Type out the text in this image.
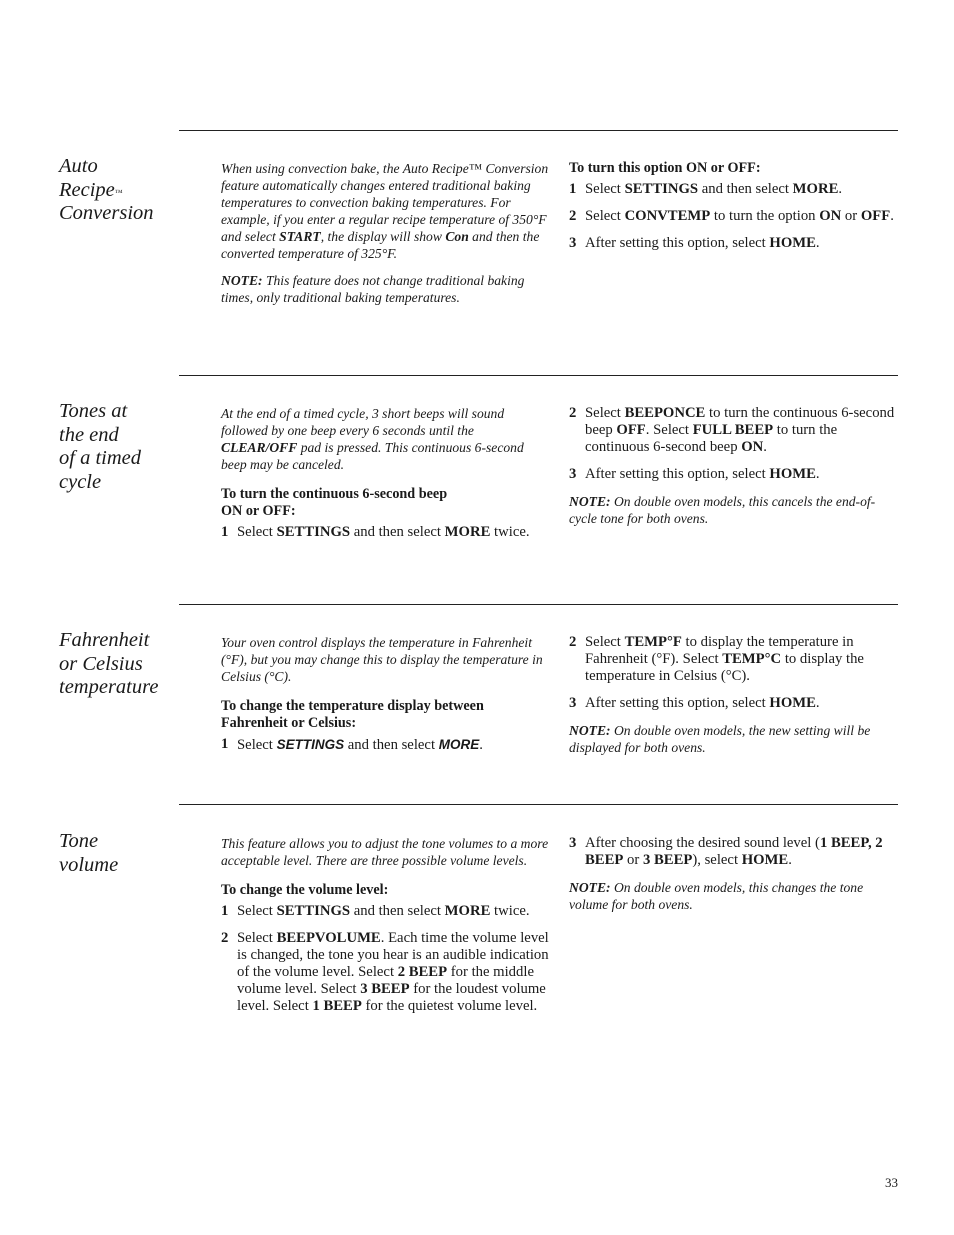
Auto
Recipe™
Conversion

When using convection bake, the Auto Recipe™ Conversion feature automatically changes entered traditional baking temperatures to convection baking temperatures. For example, if you enter a regular recipe temperature of 350°F and select START, the display will show Con and then the converted temperature of 325°F.

NOTE: This feature does not change traditional baking times, only traditional baking temperatures.

To turn this option ON or OFF:

1 Select SETTINGS and then select MORE.

2 Select CONVTEMP to turn the option ON or OFF.

3 After setting this option, select HOME.

Tones at
the end
of a timed
cycle

At the end of a timed cycle, 3 short beeps will sound followed by one beep every 6 seconds until the CLEAR/OFF pad is pressed. This continuous 6-second beep may be canceled.

To turn the continuous 6-second beep
ON or OFF:

1 Select SETTINGS and then select MORE twice.

2 Select BEEPONCE to turn the continuous 6-second beep OFF. Select FULL BEEP to turn the continuous 6-second beep ON.

3 After setting this option, select HOME.

NOTE: On double oven models, this cancels the end-of-cycle tone for both ovens.

Fahrenheit
or Celsius
temperature

Your oven control displays the temperature in Fahrenheit (°F), but you may change this to display the temperature in Celsius (°C).

To change the temperature display between
Fahrenheit or Celsius:

1 Select SETTINGS and then select MORE.

2 Select TEMP°F to display the temperature in Fahrenheit (°F). Select TEMP°C to display the temperature in Celsius (°C).

3 After setting this option, select HOME.

NOTE: On double oven models, the new setting will be displayed for both ovens.

Tone
volume

This feature allows you to adjust the tone volumes to a more acceptable level. There are three possible volume levels.

To change the volume level:

1 Select SETTINGS and then select MORE twice.

2 Select BEEPVOLUME. Each time the volume level is changed, the tone you hear is an audible indication of the volume level. Select 2 BEEP for the middle volume level. Select 3 BEEP for the loudest volume level. Select 1 BEEP for the quietest volume level.

3 After choosing the desired sound level (1 BEEP, 2 BEEP or 3 BEEP), select HOME.

NOTE: On double oven models, this changes the tone volume for both ovens.

33
